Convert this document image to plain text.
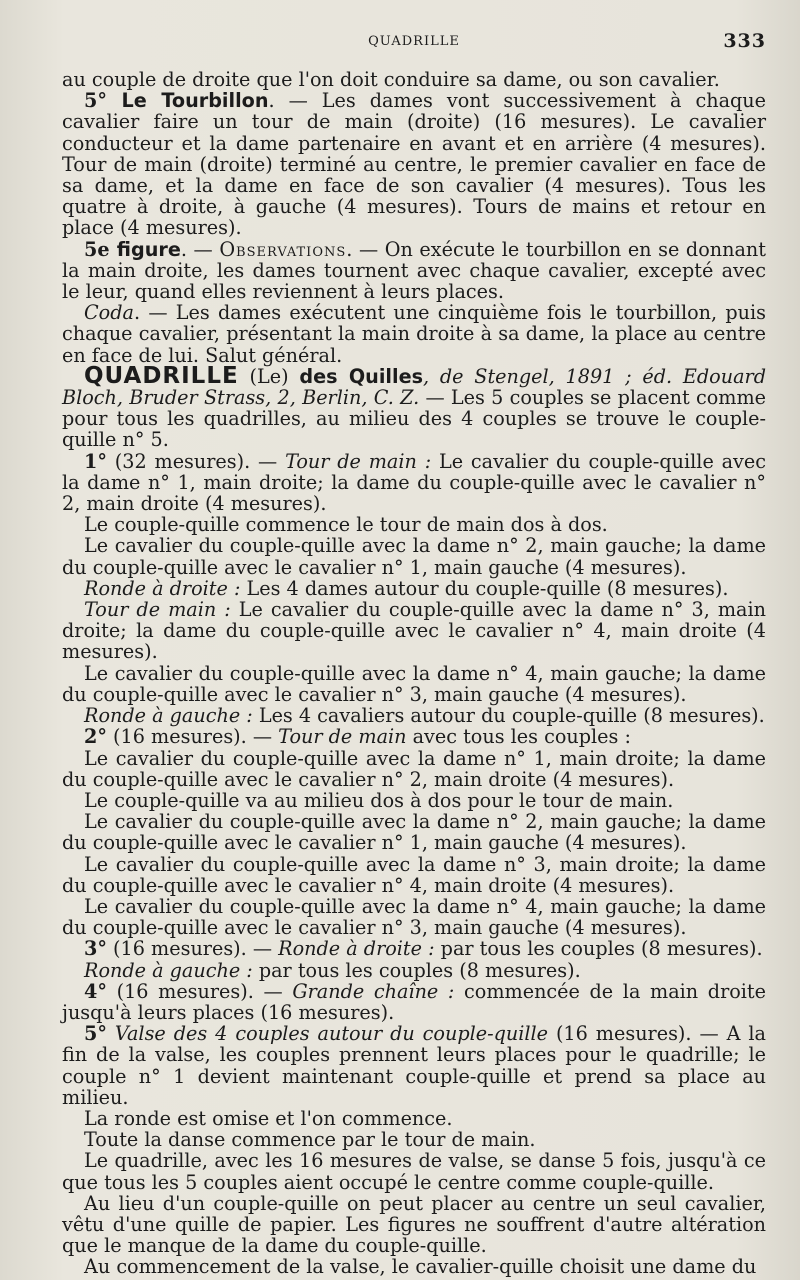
QUADRILLE	333

au couple de droite que l'on doit conduire sa dame, ou son cavalier.

5° Le Tourbillon. — Les dames vont successivement à chaque cavalier faire un tour de main (droite) (16 mesures). Le cavalier conducteur et la dame partenaire en avant et en arrière (4 mesures). Tour de main (droite) terminé au centre, le premier cavalier en face de sa dame, et la dame en face de son cavalier (4 mesures). Tous les quatre à droite, à gauche (4 mesures). Tours de mains et retour en place (4 mesures).

5e figure. — Observations. — On exécute le tourbillon en se donnant la main droite, les dames tournent avec chaque cavalier, excepté avec le leur, quand elles reviennent à leurs places.

Coda. — Les dames exécutent une cinquième fois le tourbillon, puis chaque cavalier, présentant la main droite à sa dame, la place au centre en face de lui. Salut général.

QUADRILLE (Le) des Quilles, de Stengel, 1891 ; éd. Edouard Bloch, Bruder Strass, 2, Berlin, C. Z. — Les 5 couples se placent comme pour tous les quadrilles, au milieu des 4 couples se trouve le couple-quille n° 5.

1° (32 mesures). — Tour de main : Le cavalier du couple-quille avec la dame n° 1, main droite; la dame du couple-quille avec le cavalier n° 2, main droite (4 mesures).

Le couple-quille commence le tour de main dos à dos.

Le cavalier du couple-quille avec la dame n° 2, main gauche; la dame du couple-quille avec le cavalier n° 1, main gauche (4 mesures).

Ronde à droite : Les 4 dames autour du couple-quille (8 mesures).

Tour de main : Le cavalier du couple-quille avec la dame n° 3, main droite; la dame du couple-quille avec le cavalier n° 4, main droite (4 mesures).

Le cavalier du couple-quille avec la dame n° 4, main gauche; la dame du couple-quille avec le cavalier n° 3, main gauche (4 mesures).

Ronde à gauche : Les 4 cavaliers autour du couple-quille (8 mesures).

2° (16 mesures). — Tour de main avec tous les couples :

Le cavalier du couple-quille avec la dame n° 1, main droite; la dame du couple-quille avec le cavalier n° 2, main droite (4 mesures).

Le couple-quille va au milieu dos à dos pour le tour de main.

Le cavalier du couple-quille avec la dame n° 2, main gauche; la dame du couple-quille avec le cavalier n° 1, main gauche (4 mesures).

Le cavalier du couple-quille avec la dame n° 3, main droite; la dame du couple-quille avec le cavalier n° 4, main droite (4 mesures).

Le cavalier du couple-quille avec la dame n° 4, main gauche; la dame du couple-quille avec le cavalier n° 3, main gauche (4 mesures).

3° (16 mesures). — Ronde à droite : par tous les couples (8 mesures).

Ronde à gauche : par tous les couples (8 mesures).

4° (16 mesures). — Grande chaîne : commencée de la main droite jusqu'à leurs places (16 mesures).

5° Valse des 4 couples autour du couple-quille (16 mesures). — A la fin de la valse, les couples prennent leurs places pour le quadrille; le couple n° 1 devient maintenant couple-quille et prend sa place au milieu.

La ronde est omise et l'on commence.

Toute la danse commence par le tour de main.

Le quadrille, avec les 16 mesures de valse, se danse 5 fois, jusqu'à ce que tous les 5 couples aient occupé le centre comme couple-quille.

Au lieu d'un couple-quille on peut placer au centre un seul cavalier, vêtu d'une quille de papier. Les figures ne souffrent d'autre altération que le manque de la dame du couple-quille.

Au commencement de la valse, le cavalier-quille choisit une dame du
